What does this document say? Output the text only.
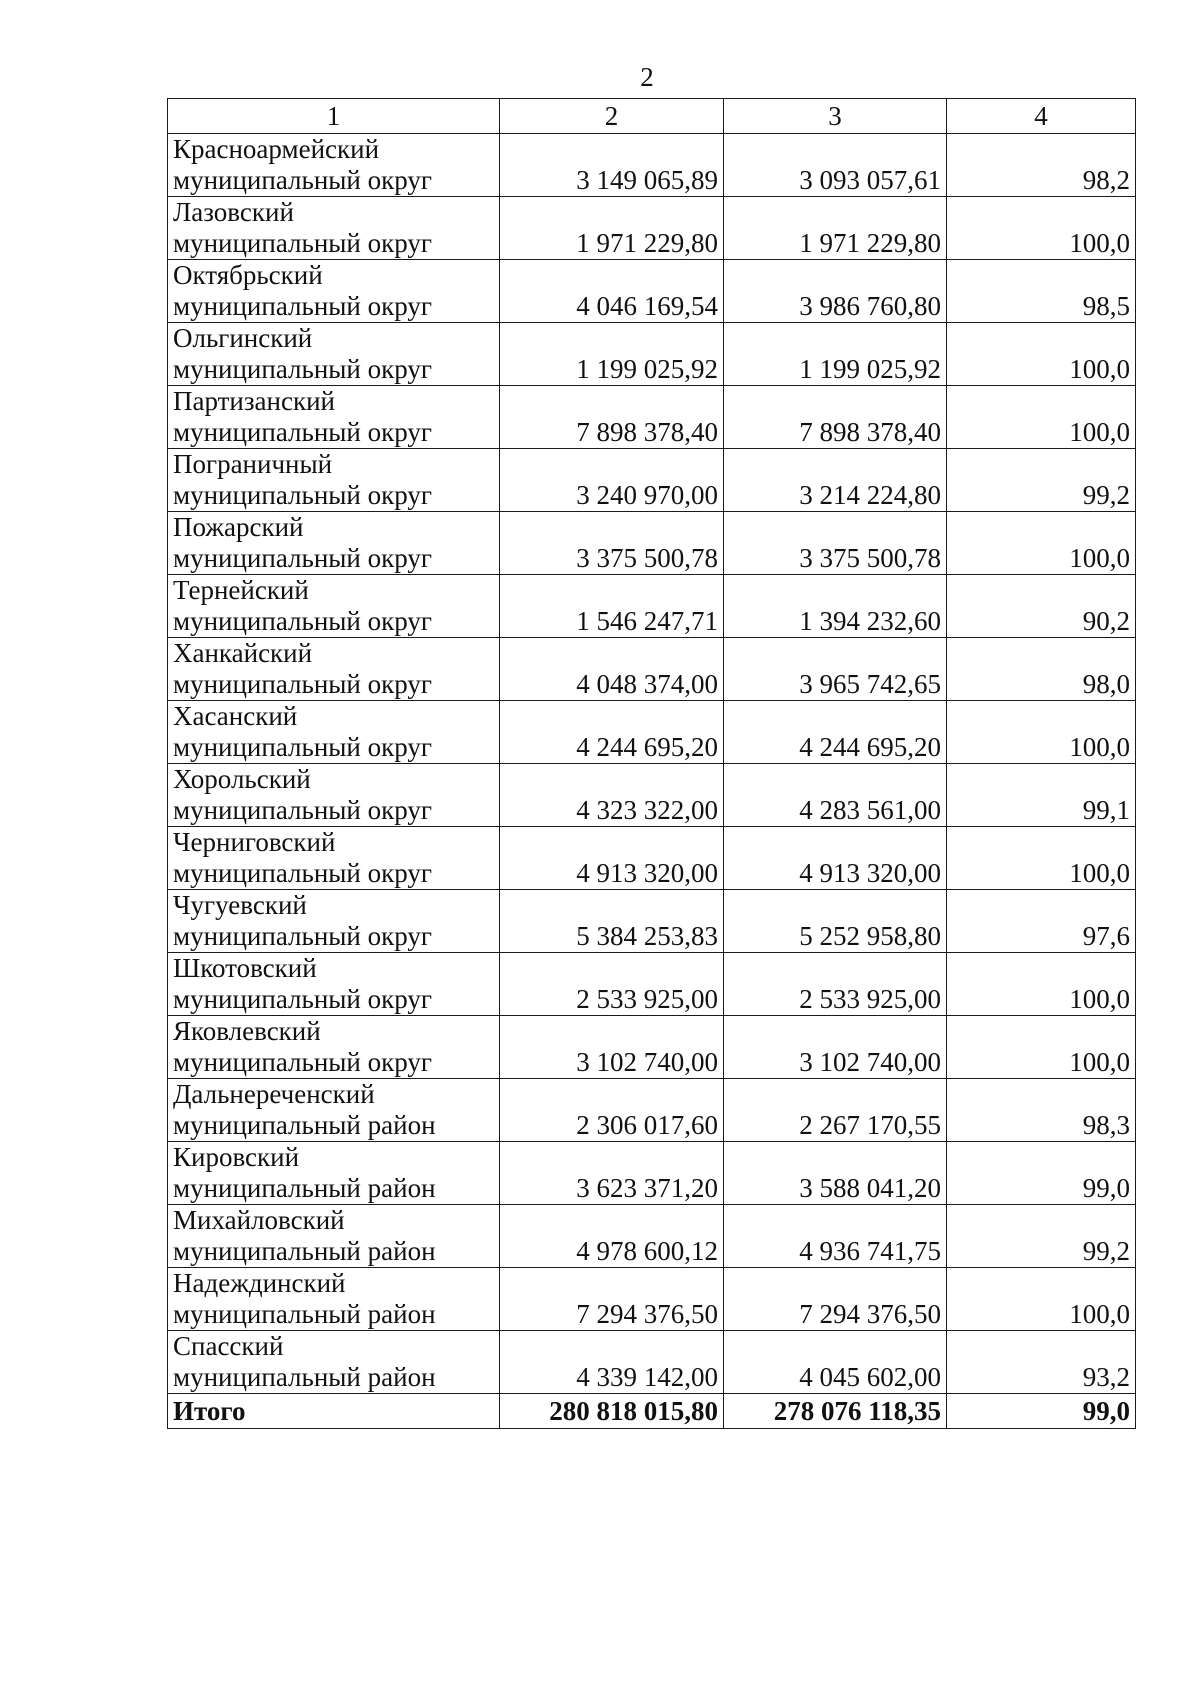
2
1	2	3	4

Красноармейский
муниципальный округ	3 149 065,89	3 093 057,61	98,2

Лазовский
муниципальный округ	1 971 229,80	1 971 229,80	100,0

Октябрьский
муниципальный округ	4 046 169,54	3 986 760,80	98,5

Ольгинский
муниципальный округ	1 199 025,92	1 199 025,92	100,0

Партизанский
муниципальный округ	7 898 378,40	7 898 378,40	100,0

Пограничный
муниципальный округ	3 240 970,00	3 214 224,80	99,2

Пожарский
муниципальный округ	3 375 500,78	3 375 500,78	100,0

Тернейский
муниципальный округ	1 546 247,71	1 394 232,60	90,2

Ханкайский
муниципальный округ	4 048 374,00	3 965 742,65	98,0

Хасанский
муниципальный округ	4 244 695,20	4 244 695,20	100,0

Хорольский
муниципальный округ	4 323 322,00	4 283 561,00	99,1

Черниговский
муниципальный округ	4 913 320,00	4 913 320,00	100,0

Чугуевский
муниципальный округ	5 384 253,83	5 252 958,80	97,6

Шкотовский
муниципальный округ	2 533 925,00	2 533 925,00	100,0

Яковлевский
муниципальный округ	3 102 740,00	3 102 740,00	100,0

Дальнереченский
муниципальный район	2 306 017,60	2 267 170,55	98,3

Кировский
муниципальный район	3 623 371,20	3 588 041,20	99,0

Михайловский
муниципальный район	4 978 600,12	4 936 741,75	99,2

Надеждинский
муниципальный район	7 294 376,50	7 294 376,50	100,0

Спасский
муниципальный район	4 339 142,00	4 045 602,00	93,2
Итого	280 818 015,80	278 076 118,35	99,0
